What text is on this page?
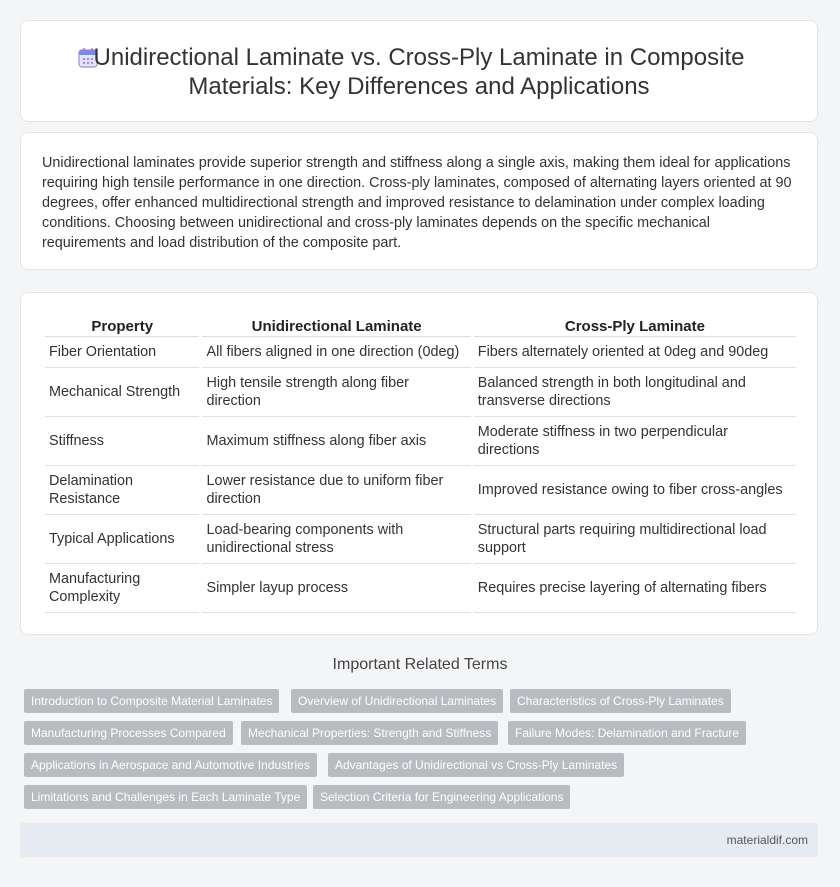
Unidirectional Laminate vs. Cross-Ply Laminate in Composite Materials: Key Differences and Applications

Unidirectional laminates provide superior strength and stiffness along a single axis, making them ideal for applications requiring high tensile performance in one direction. Cross-ply laminates, composed of alternating layers oriented at 90 degrees, offer enhanced multidirectional strength and improved resistance to delamination under complex loading conditions. Choosing between unidirectional and cross-ply laminates depends on the specific mechanical requirements and load distribution of the composite part.

Property	Unidirectional Laminate	Cross-Ply Laminate
Fiber Orientation	All fibers aligned in one direction (0deg)	Fibers alternately oriented at 0deg and 90deg
Mechanical Strength	High tensile strength along fiber direction	Balanced strength in both longitudinal and transverse directions
Stiffness	Maximum stiffness along fiber axis	Moderate stiffness in two perpendicular directions
Delamination Resistance	Lower resistance due to uniform fiber direction	Improved resistance owing to fiber cross-angles
Typical Applications	Load-bearing components with unidirectional stress	Structural parts requiring multidirectional load support
Manufacturing Complexity	Simpler layup process	Requires precise layering of alternating fibers
Important Related Terms
Introduction to Composite Material Laminates	Overview of Unidirectional Laminates	Characteristics of Cross-Ply Laminates
Manufacturing Processes Compared	Mechanical Properties: Strength and Stiffness	Failure Modes: Delamination and Fracture
Applications in Aerospace and Automotive Industries	Advantages of Unidirectional vs Cross-Ply Laminates
Limitations and Challenges in Each Laminate Type	Selection Criteria for Engineering Applications
materialdif.com
